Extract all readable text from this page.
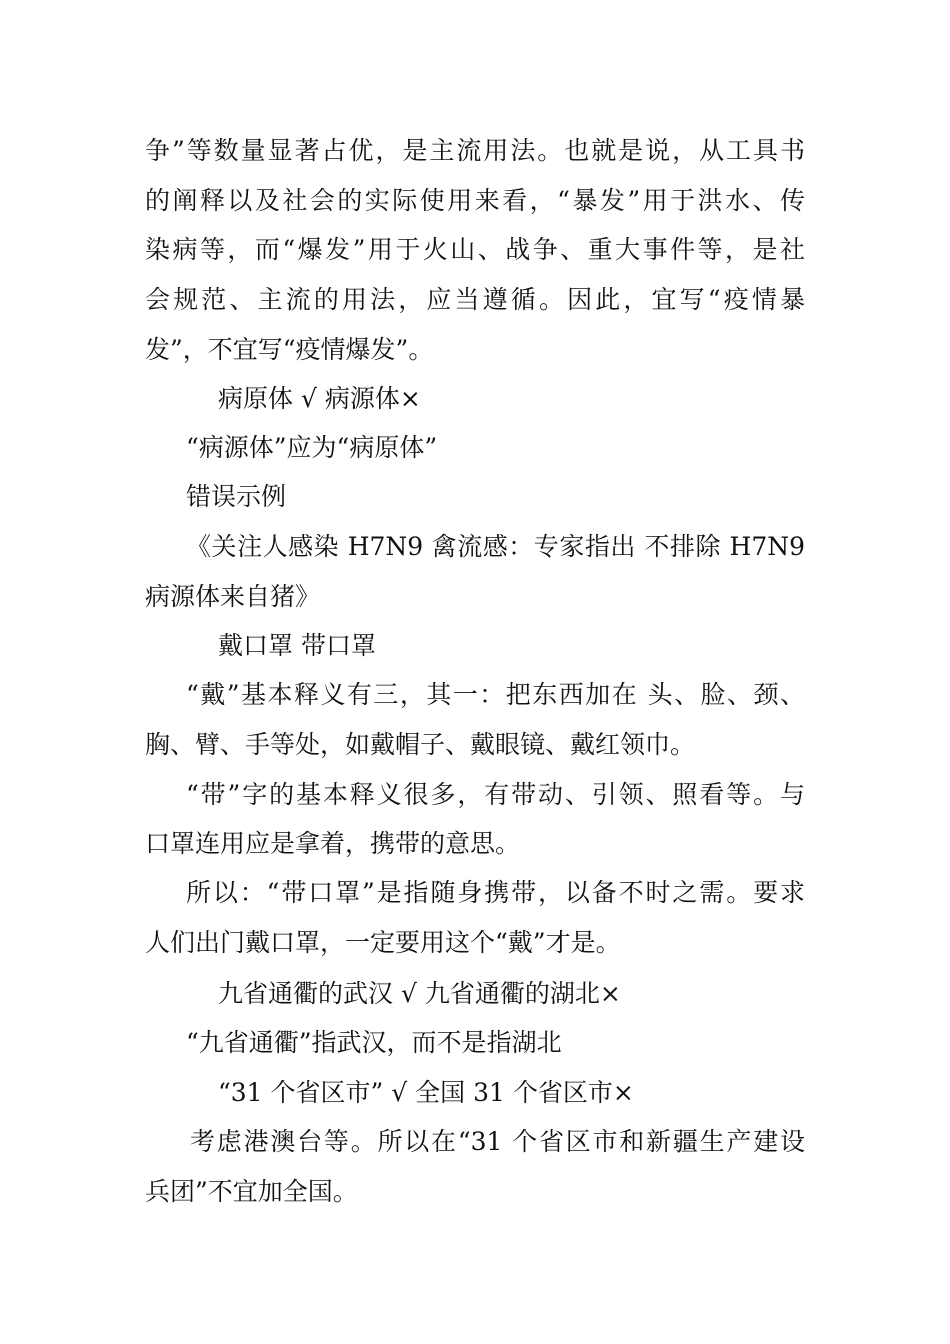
争”等数量显著占优，是主流用法。也就是说，从工具书
的阐释以及社会的实际使用来看，“暴发”用于洪水、传
染病等，而“爆发”用于火山、战争、重大事件等，是社
会规范、主流的用法，应当遵循。因此，宜写“疫情暴
发”，不宜写“疫情爆发”。
病原体 √ 病源体×
“病源体”应为“病原体”
错误示例
《关注人感染 H7N9 禽流感：专家指出 不排除 H7N9
病源体来自猪》
戴口罩 带口罩
“戴”基本释义有三，其一：把东西加在 头、脸、颈、
胸、臂、手等处，如戴帽子、戴眼镜、戴红领巾。
“带”字的基本释义很多，有带动、引领、照看等。与
口罩连用应是拿着，携带的意思。
所以：“带口罩”是指随身携带，以备不时之需。要求
人们出门戴口罩，一定要用这个“戴”才是。
九省通衢的武汉 √ 九省通衢的湖北×
“九省通衢”指武汉，而不是指湖北
“31 个省区市” √ 全国 31 个省区市×
考虑港澳台等。所以在“31 个省区市和新疆生产建设
兵团”不宜加全国。
